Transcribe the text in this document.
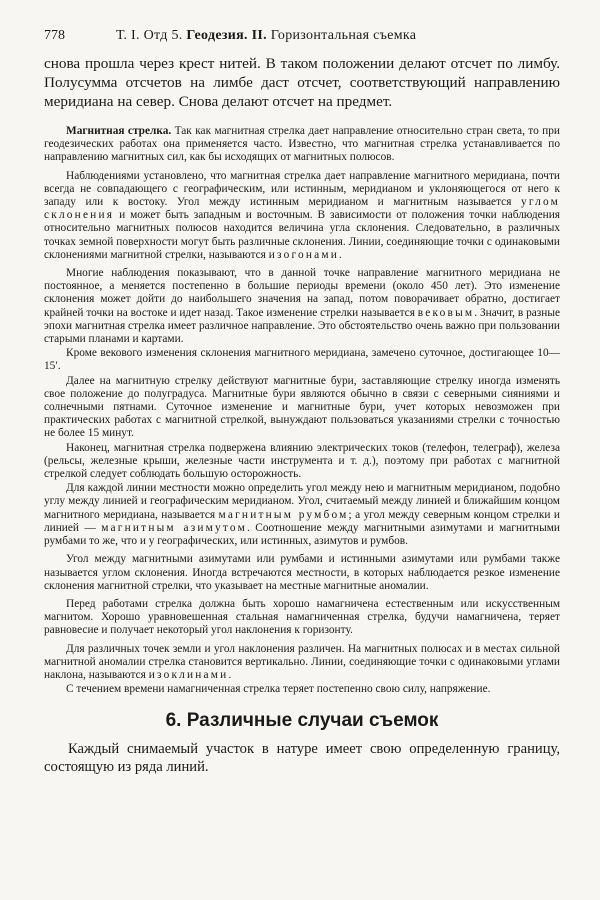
778	Т. I. Отд 5. Геодезия. II. Горизонтальная съемка

снова прошла через крест нитей. В таком положении делают отсчет по лимбу. Полусумма отсчетов на лимбе даст отсчет, соответствующий направлению меридиана на север. Снова делают отсчет на предмет.

Магнитная стрелка. Так как магнитная стрелка дает направление относительно стран света, то при геодезических работах она применяется часто. Известно, что магнитная стрелка устанавливается по направлению магнитных сил, как бы исходящих от магнитных полюсов.

Наблюдениями установлено, что магнитная стрелка дает направление магнитного меридиана, почти всегда не совпадающего с географическим, или истинным, меридианом и уклоняющегося от него к западу или к востоку. Угол между истинным меридианом и магнитным называется углом склонения и может быть западным и восточным. В зависимости от положения точки наблюдения относительно магнитных полюсов находится величина угла склонения. Следовательно, в различных точках земной поверхности могут быть различные склонения. Линии, соединяющие точки с одинаковыми склонениями магнитной стрелки, называются изогонами.

Многие наблюдения показывают, что в данной точке направление магнитного меридиана не постоянное, а меняется постепенно в большие периоды времени (около 450 лет). Это изменение склонения может дойти до наибольшего значения на запад, потом поворачивает обратно, достигает крайней точки на востоке и идет назад. Такое изменение стрелки называется вековым. Значит, в разные эпохи магнитная стрелка имеет различное направление. Это обстоятельство очень важно при пользовании старыми планами и картами.

Кроме векового изменения склонения магнитного меридиана, замечено суточное, достигающее 10—15′.

Далее на магнитную стрелку действуют магнитные бури, заставляющие стрелку иногда изменять свое положение до полуградуса. Магнитные бури являются обычно в связи с северными сияниями и солнечными пятнами. Суточное изменение и магнитные бури, учет которых невозможен при практических работах с магнитной стрелкой, вынуждают пользоваться указаниями стрелки с точностью не более 15 минут.

Наконец, магнитная стрелка подвержена влиянию электрических токов (телефон, телеграф), железа (рельсы, железные крыши, железные части инструмента и т. д.), поэтому при работах с магнитной стрелкой следует соблюдать большую осторожность.

Для каждой линии местности можно определить угол между нею и магнитным меридианом, подобно углу между линией и географическим меридианом. Угол, считаемый между линией и ближайшим концом магнитного меридиана, называется магнитным румбом; а угол между северным концом стрелки и линией — магнитным азимутом. Соотношение между магнитными азимутами и магнитными румбами то же, что и у географических, или истинных, азимутов и румбов.

Угол между магнитными азимутами или румбами и истинными азимутами или румбами также называется углом склонения. Иногда встречаются местности, в которых наблюдается резкое изменение склонения магнитной стрелки, что указывает на местные магнитные аномалии.

Перед работами стрелка должна быть хорошо намагничена естественным или искусственным магнитом. Хорошо уравновешенная стальная намагниченная стрелка, будучи намагничена, теряет равновесие и получает некоторый угол наклонения к горизонту.

Для различных точек земли и угол наклонения различен. На магнитных полюсах и в местах сильной магнитной аномалии стрелка становится вертикально. Линии, соединяющие точки с одинаковыми углами наклона, называются изоклинами.

С течением времени намагниченная стрелка теряет постепенно свою силу, напряжение.

6. Различные случаи съемок

Каждый снимаемый участок в натуре имеет свою определенную границу, состоящую из ряда линий.
